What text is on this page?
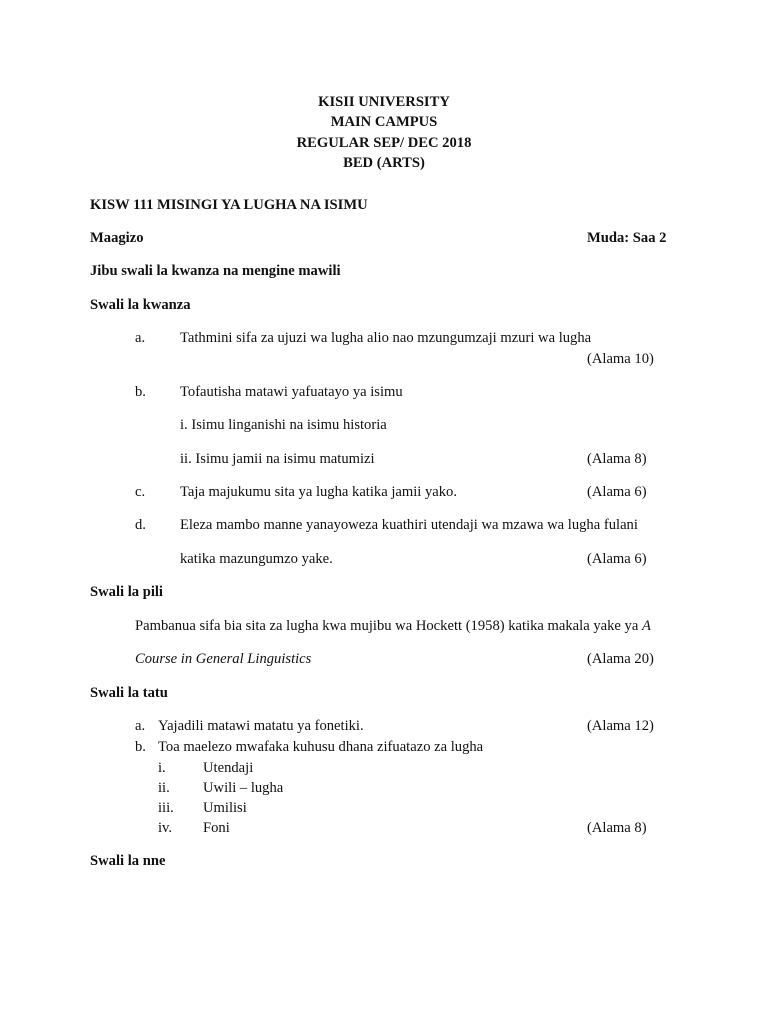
KISII UNIVERSITY
MAIN CAMPUS
REGULAR SEP/ DEC 2018
BED (ARTS)
KISW 111 MISINGI YA LUGHA NA ISIMU
Maagizo	Muda: Saa 2
Jibu swali la kwanza na mengine mawili
Swali la kwanza
a. Tathmini sifa za ujuzi wa lugha alio nao mzungumzaji mzuri wa lugha
(Alama 10)
b. Tofautisha matawi yafuatayo ya isimu
i. Isimu linganishi na isimu historia
ii. Isimu jamii na isimu matumizi	(Alama 8)
c. Taja majukumu sita ya lugha katika jamii yako.	(Alama 6)
d. Eleza mambo manne yanayoweza kuathiri utendaji wa mzawa wa lugha fulani
katika mazungumzo yake.	(Alama 6)
Swali la pili
Pambanua sifa bia sita za lugha kwa mujibu wa Hockett (1958) katika makala yake ya A
Course in General Linguistics	(Alama 20)
Swali la tatu
a. Yajadili matawi matatu ya fonetiki.	(Alama 12)
b. Toa maelezo mwafaka kuhusu dhana zifuatazo za lugha
i.	Utendaji
ii. Uwili – lugha
iii. Umilisi
iv. Foni	(Alama 8)
Swali la nne
